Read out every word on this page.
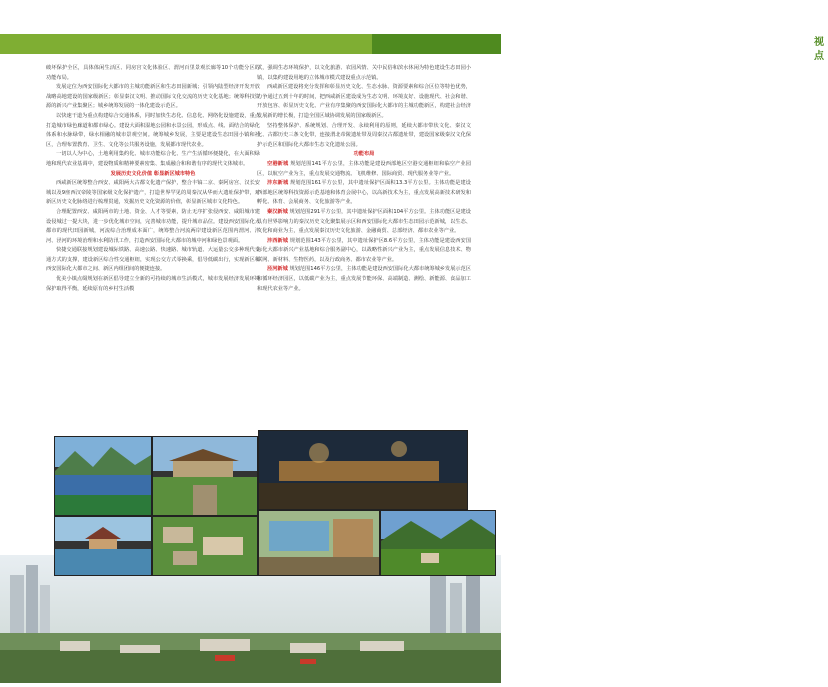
热点关注
视点

破坏保护全区，具体体闲生活区、同房宫文化体验区、渭河百里景观长廊等10个功能分区的功能布局。

发展定位为西安国际化大都市的主城功能新区和生态田园新城；引领内陆型经济开发开放战略高地建设的国家级新区；彰显秦汉文明、推动国际文化交流的历史文化基地；统筹科技资源的新兴产业集聚区；城乡统筹发展的一体化建设示范区。

以快速干道为重点构建综合交通体系，同时加快生态化、信息化、网络化设施建设，重点打造城市绿色廊道和都市绿心。建设大面积湿地公园和水景公园，形成点、线、面结合的绿化体系和水脉绿带，绿水相融的城市景观空间。统筹城乡发展，主要是建设生态田园小镇和社区，合理布置教育、卫生、文化等公共服务设施，发展都市现代农业。

一切以人为中心，土地利用集约化、城市功能综合化、生产生活循环便捷化，在大面积绿地和现代农业基调中，建设物质和精神要素密集、集成融合和和谐有序的现代文体城市。

发展历史文化价值 彰显新区城市特色

西咸新区统筹整合西安、咸阳两大古都文化遗产保护，整合丰镐二京、秦阿房宫、汉长安城以及9座西汉帝陵等国家级文化保护遗产，打造世界罕见的周秦汉从华而大遗址保护带，对新区历史文化脉络进行梳理贯通，发掘历史文化资源的价值，彰显新区城市文化特色。

合理配置西安、咸阳两市的土地、资金、人才等要素，防止无序扩张侵西安、咸阳城市建设侵城过一提大块，进一步优化城市空间，完善城市功能，提升城市品位。建设西安国际化大都市的现代田园新城，河流综合治理成本面广，统筹整合河流两岸建设新区范围内渭河、沣河、泾河的环境治理和水利防汛工作，打造西安国际化大都市的城中河和绿色景观面。

快捷交通联接规划建设城际铁路、高速公路、快速路、城市轨道、大运量公交多种现代交通方式的支撑，建设新区综合性交通枢纽，实现公交方式零换乘，倡导低碳出行，实现新区和西安国际化大都市之间、新区内组团间的便捷连接。

优美小镇点缀规划在新区倡导建立全新的可持续的城市生活模式，城市发展经济发展环境保护取得平衡，延续原有的乡村生活模

式，强调生态环境保护，以文化旅游、农园风情、关中民俗和滨水休闲为特色建设生态田园小镇，以集约建设用地的立体城市模式建设重点示范镇。

西咸新区建设将充分发挥和彰显历史文化、生态水脉、资源要素和综合区位等特色优势，力争通过五到十年的时间，把西咸新区建设成为生态文明、环境友好、设施现代、社会和谐、开放包容、彰显历史文化、产业有序集聚的西安国际化大都市的主城功能新区，构建社会经济发展新的增长极，打造全国区域协调发展的国家级新区。

坚持整体保护、系统规划、合理开发、永续利用的原则，延续大都市带状文化、秦汉文化、古都历史三条文化带，连接渭北帝陵遗址带及周秦汉古都遗址带，建设国家级秦汉文化保护示范区和国际化大都市生态文化遗址公园。

功能布局

空港新城 规划范围141平方公里，主体功能是建设西部地区空港交通枢纽和临空产业园区，以航空产业为主，重点发展交通物流、飞机维修、国际商贸、现代服务业等产业。

沣东新城 规划范围161平方公里，其中遗址保护区面积13.3平方公里。主体功能是建设西部地区统筹科技资源示范基地和体育会展中心，以高新技术为主，重点发展高新技术研发和孵化、体育、会展商务、文化旅游等产业。

秦汉新城 规划范围291平方公里，其中遗址保护区面积104平方公里。主体功能区是建设具有世界影响力的秦汉历史文化聚集展示区和西安国际化大都市生态田园示范新城，以生态、文化和商业为主，重点发展秦汉历史文化旅游、金融商贸、总部经济、都市农业等产业。

沣西新城 规划范围143平方公里，其中遗址保护区8.6平方公里，主体功能是建设西安国际化大都市新兴产业基地和综合服务副中心，以战略性新兴产业为主，重点发展信息技术、物联网、新材料、生物医药，以及行政商务、都市农业等产业。

泾河新城 规划范围146平方公里，主体功能是建设西安国际化大都市统筹城乡发展示范区和循环经济园区，以低碳产业为主，重点发展节能环保、高端制造、测绘、新能源、食品加工和现代农业等产业。
